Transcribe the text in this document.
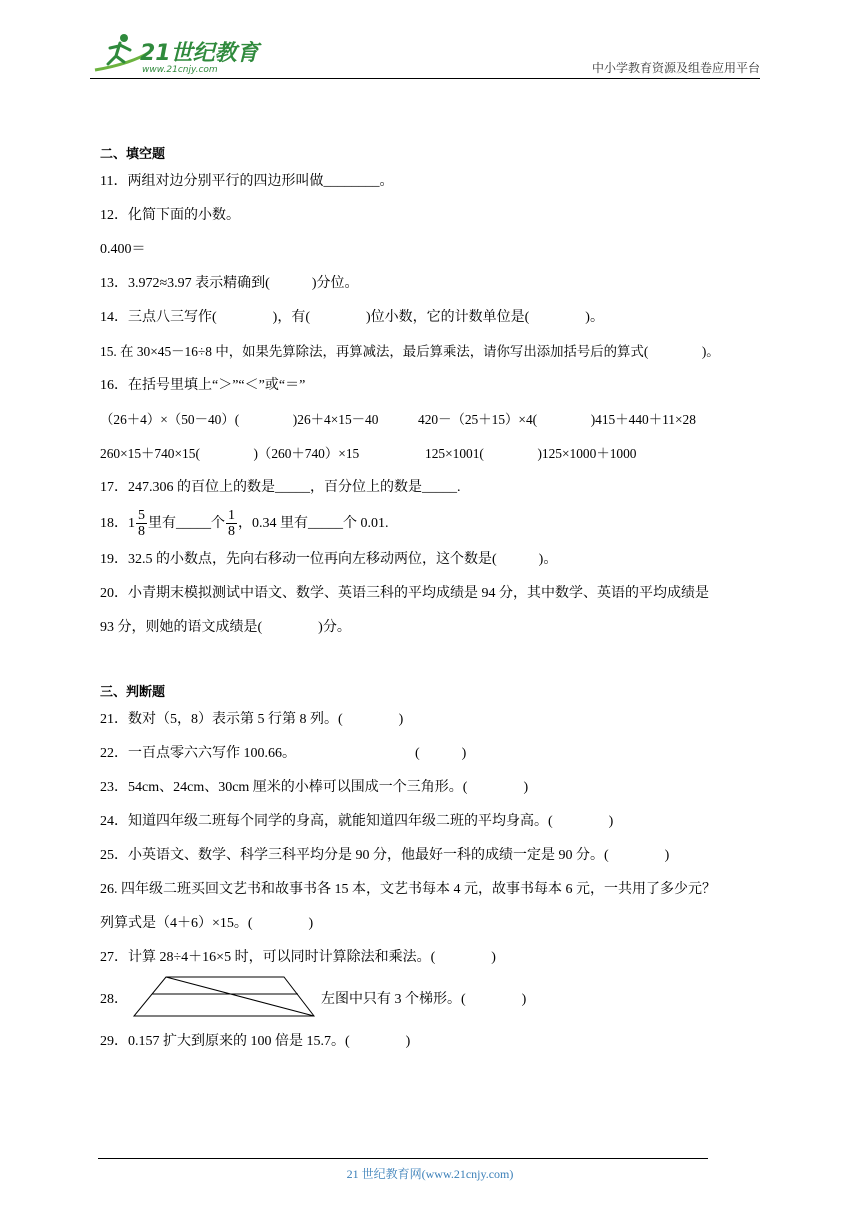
21世纪教育
www.21cnjy.com	中小学教育资源及组卷应用平台
二、填空题
11．两组对边分别平行的四边形叫做________。
12．化简下面的小数。
0.400＝
13．3.972≈3.97 表示精确到(　　　)分位。
14．三点八三写作(　　　　)，有(　　　　)位小数，它的计数单位是(　　　　)。
15. 在 30×45－16÷8 中，如果先算除法，再算减法，最后算乘法，请你写出添加括号后的算式(　　　　)。
16．在括号里填上“＞”“＜”或“＝”
（26＋4）×（50－40）(　　　　)26＋4×15－40	420－（25＋15）×4(　　　　)415＋440＋11×28
260×15＋740×15(　　　　)（260＋740）×15	125×1001(　　　　)125×1000＋1000
17．247.306 的百位上的数是_____，百分位上的数是_____.
18．$1 \frac{5}{8}$ 里有_____个 $\frac{1}{8}$ ，0.34 里有_____个 0.01.
19．32.5 的小数点，先向右移动一位再向左移动两位，这个数是(　　　)。
20．小青期末模拟测试中语文、数学、英语三科的平均成绩是 94 分，其中数学、英语的平均成绩是
93 分，则她的语文成绩是(　　　　)分。
三、判断题
21．数对（5，8）表示第 5 行第 8 列。(　　　　)
22．一百点零六六写作 100.66。　　　　　　　　　(　　　)
23．54cm、24cm、30cm 厘米的小棒可以围成一个三角形。(　　　　)
24．知道四年级二班每个同学的身高，就能知道四年级二班的平均身高。(　　　　)
25．小英语文、数学、科学三科平均分是 90 分，他最好一科的成绩一定是 90 分。(　　　　)
26. 四年级二班买回文艺书和故事书各 15 本，文艺书每本 4 元，故事书每本 6 元，一共用了多少元？
列算式是（4＋6）×15。(　　　　)
27．计算 28÷4＋16×5 时，可以同时计算除法和乘法。(　　　　)
28．	左图中只有 3 个梯形。(　　　　)
29．0.157 扩大到原来的 100 倍是 15.7。(　　　　)
21 世纪教育网(www.21cnjy.com)
